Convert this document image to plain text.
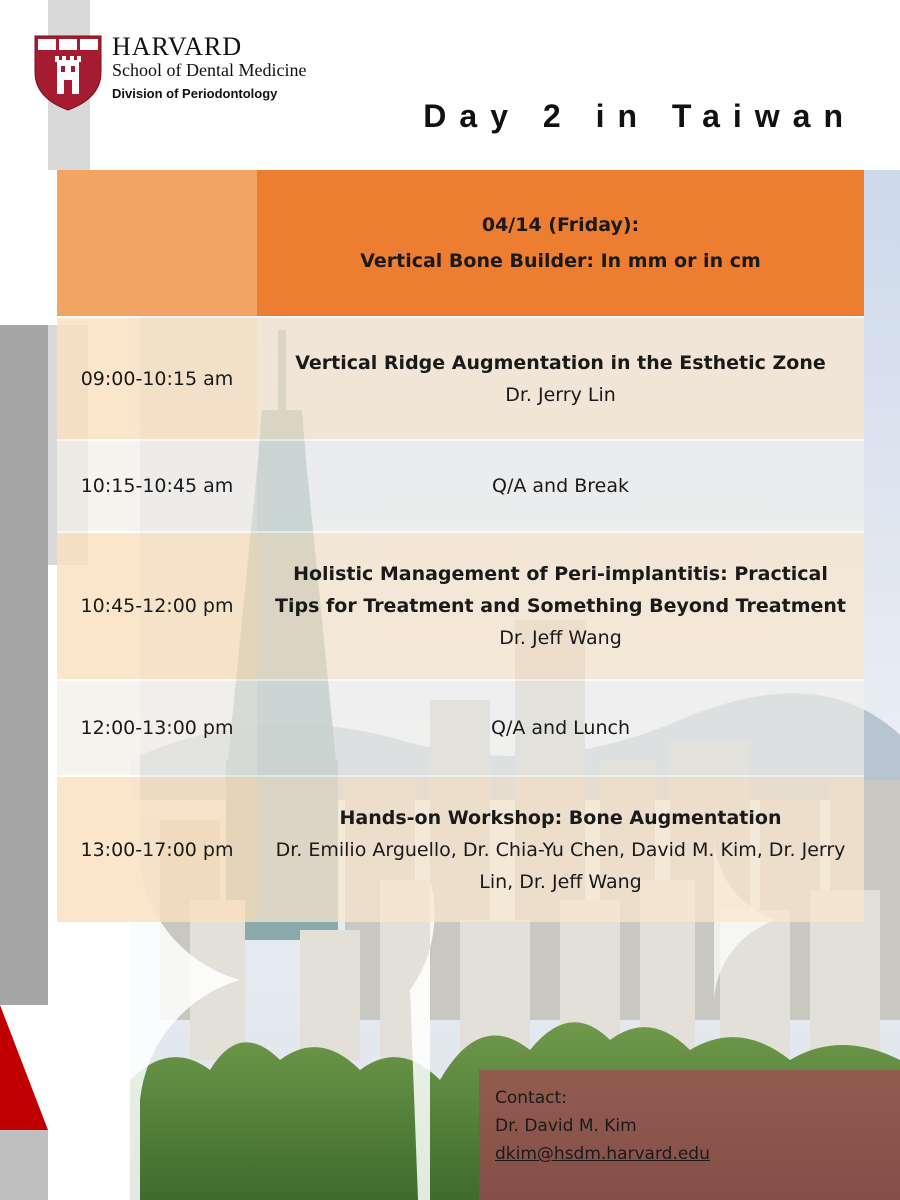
HARVARD
School of Dental Medicine
Division of Periodontology
Day 2 in Taiwan
04/14 (Friday):
Vertical Bone Builder: In mm or in cm
09:00-10:15 am
Vertical Ridge Augmentation in the Esthetic Zone
Dr. Jerry Lin
10:15-10:45 am	Q/A and Break
10:45-12:00 pm
Holistic Management of Peri-implantitis: Practical Tips for Treatment and Something Beyond Treatment
Dr. Jeff Wang
12:00-13:00 pm	Q/A and Lunch
13:00-17:00 pm
Hands-on Workshop: Bone Augmentation
Dr. Emilio Arguello, Dr. Chia-Yu Chen, David M. Kim, Dr. Jerry Lin, Dr. Jeff Wang
Contact:
Dr. David M. Kim
dkim@hsdm.harvard.edu
